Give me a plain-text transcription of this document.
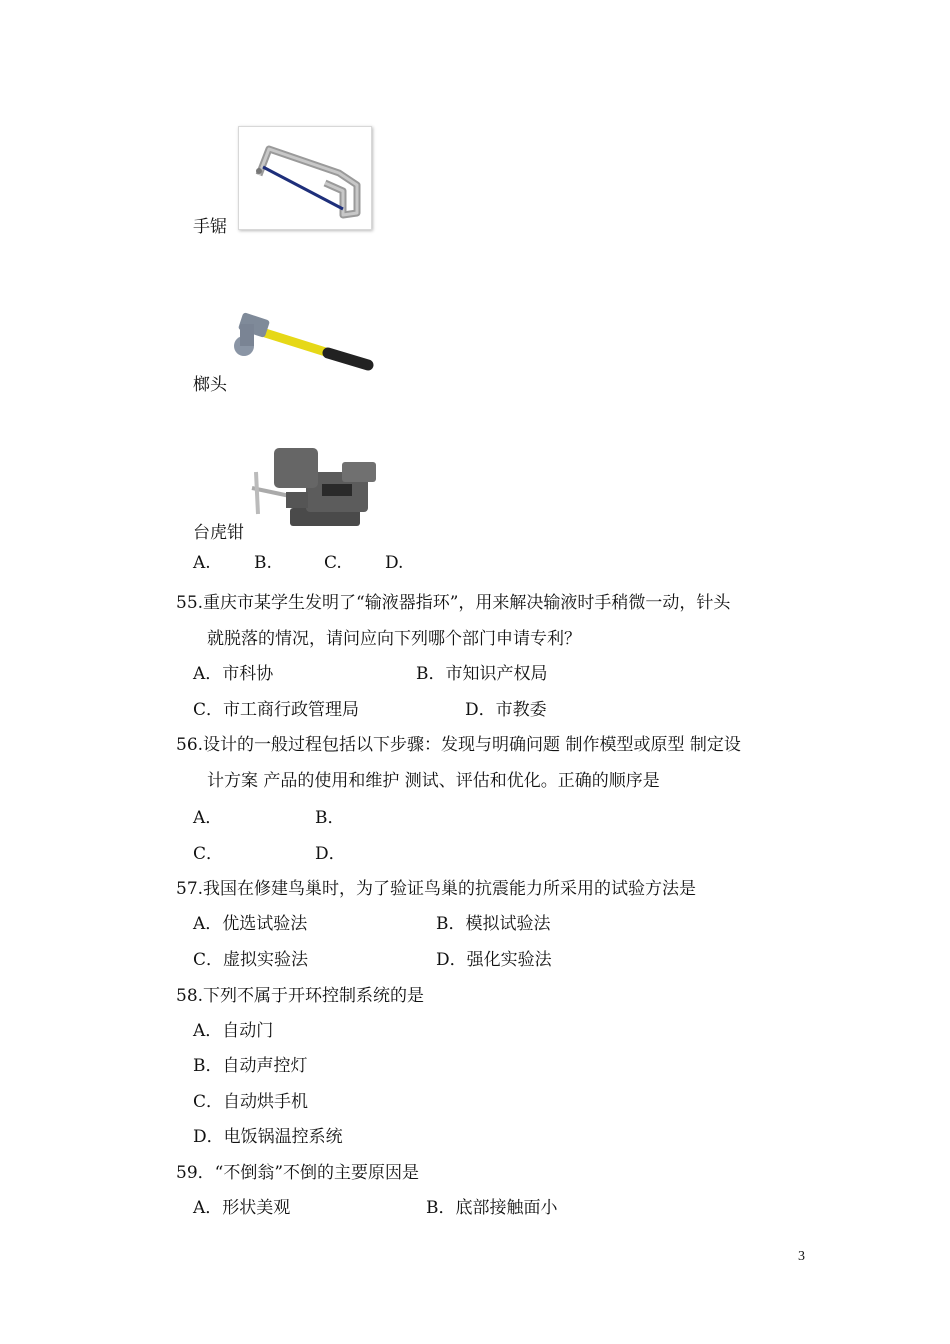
手锯
榔头
台虎钳
A.	B.	C.	D.
55.重庆市某学生发明了“输液器指环”，用来解决输液时手稍微一动，针头
就脱落的情况，请问应向下列哪个部门申请专利？
A．市科协	B．市知识产权局
C．市工商行政管理局	D．市教委
56.设计的一般过程包括以下步骤：发现与明确问题 制作模型或原型 制定设
计方案 产品的使用和维护 测试、评估和优化。正确的顺序是
A．	B．
C．	D．
57.我国在修建鸟巢时，为了验证鸟巢的抗震能力所采用的试验方法是
A．优选试验法	B．模拟试验法
C．虚拟实验法	D．强化实验法
58.下列不属于开环控制系统的是
A．自动门
B．自动声控灯
C．自动烘手机
D．电饭锅温控系统
59．“不倒翁”不倒的主要原因是
A．形状美观	B．底部接触面小
3
